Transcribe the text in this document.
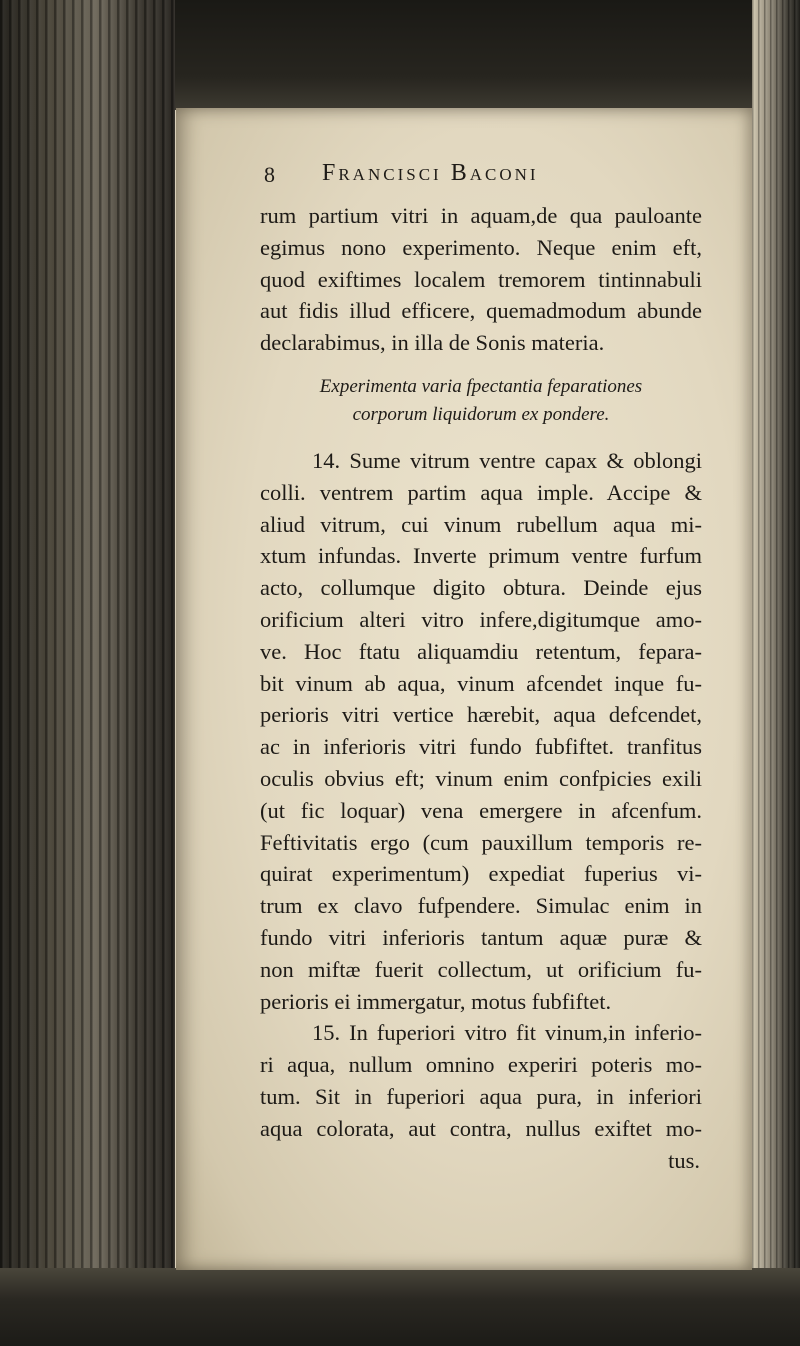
8 Francisci Baconi
rum partium vitri in aquam,de qua pauloante
egimus nono experimento. Neque enim eft,
quod exiftimes localem tremorem tintinnabuli
aut fidis illud efficere, quemadmodum abunde
declarabimus, in illa de Sonis materia.
Experimenta varia fpectantia feparationes
corporum liquidorum ex pondere.
14. Sume vitrum ventre capax & oblongi
colli. ventrem partim aqua imple. Accipe &
aliud vitrum, cui vinum rubellum aqua mi-
xtum infundas. Inverte primum ventre furfum
acto, collumque digito obtura. Deinde ejus
orificium alteri vitro infere,digitumque amo-
ve. Hoc ftatu aliquamdiu retentum, fepara-
bit vinum ab aqua, vinum afcendet inque fu-
perioris vitri vertice hærebit, aqua defcendet,
ac in inferioris vitri fundo fubfiftet. tranfitus
oculis obvius eft; vinum enim confpicies exili
(ut fic loquar) vena emergere in afcenfum.
Feftivitatis ergo (cum pauxillum temporis re-
quirat experimentum) expediat fuperius vi-
trum ex clavo fufpendere. Simulac enim in
fundo vitri inferioris tantum aquæ puræ &
non miftæ fuerit collectum, ut orificium fu-
perioris ei immergatur, motus fubfiftet.
15. In fuperiori vitro fit vinum,in inferio-
ri aqua, nullum omnino experiri poteris mo-
tum. Sit in fuperiori aqua pura, in inferiori
aqua colorata, aut contra, nullus exiftet mo-
tus.
